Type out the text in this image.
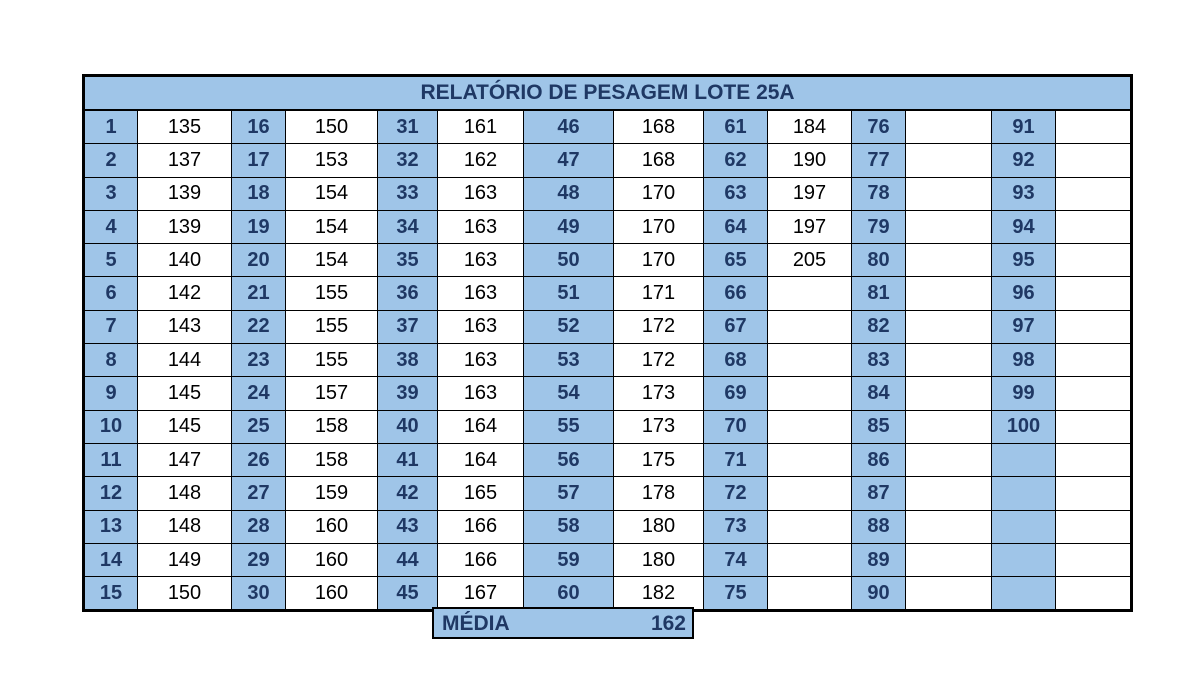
RELATÓRIO DE PESAGEM LOTE 25A													
1	135	16	150	31	161	46	168	61	184	76		91	
2	137	17	153	32	162	47	168	62	190	77		92	
3	139	18	154	33	163	48	170	63	197	78		93	
4	139	19	154	34	163	49	170	64	197	79		94	
5	140	20	154	35	163	50	170	65	205	80		95	
6	142	21	155	36	163	51	171	66		81		96	
7	143	22	155	37	163	52	172	67		82		97	
8	144	23	155	38	163	53	172	68		83		98	
9	145	24	157	39	163	54	173	69		84		99	
10	145	25	158	40	164	55	173	70		85		100	
11	147	26	158	41	164	56	175	71		86			
12	148	27	159	42	165	57	178	72		87			
13	148	28	160	43	166	58	180	73		88			
14	149	29	160	44	166	59	180	74		89			
15	150	30	160	45	167	60	182	75		90			
MÉDIA	162
